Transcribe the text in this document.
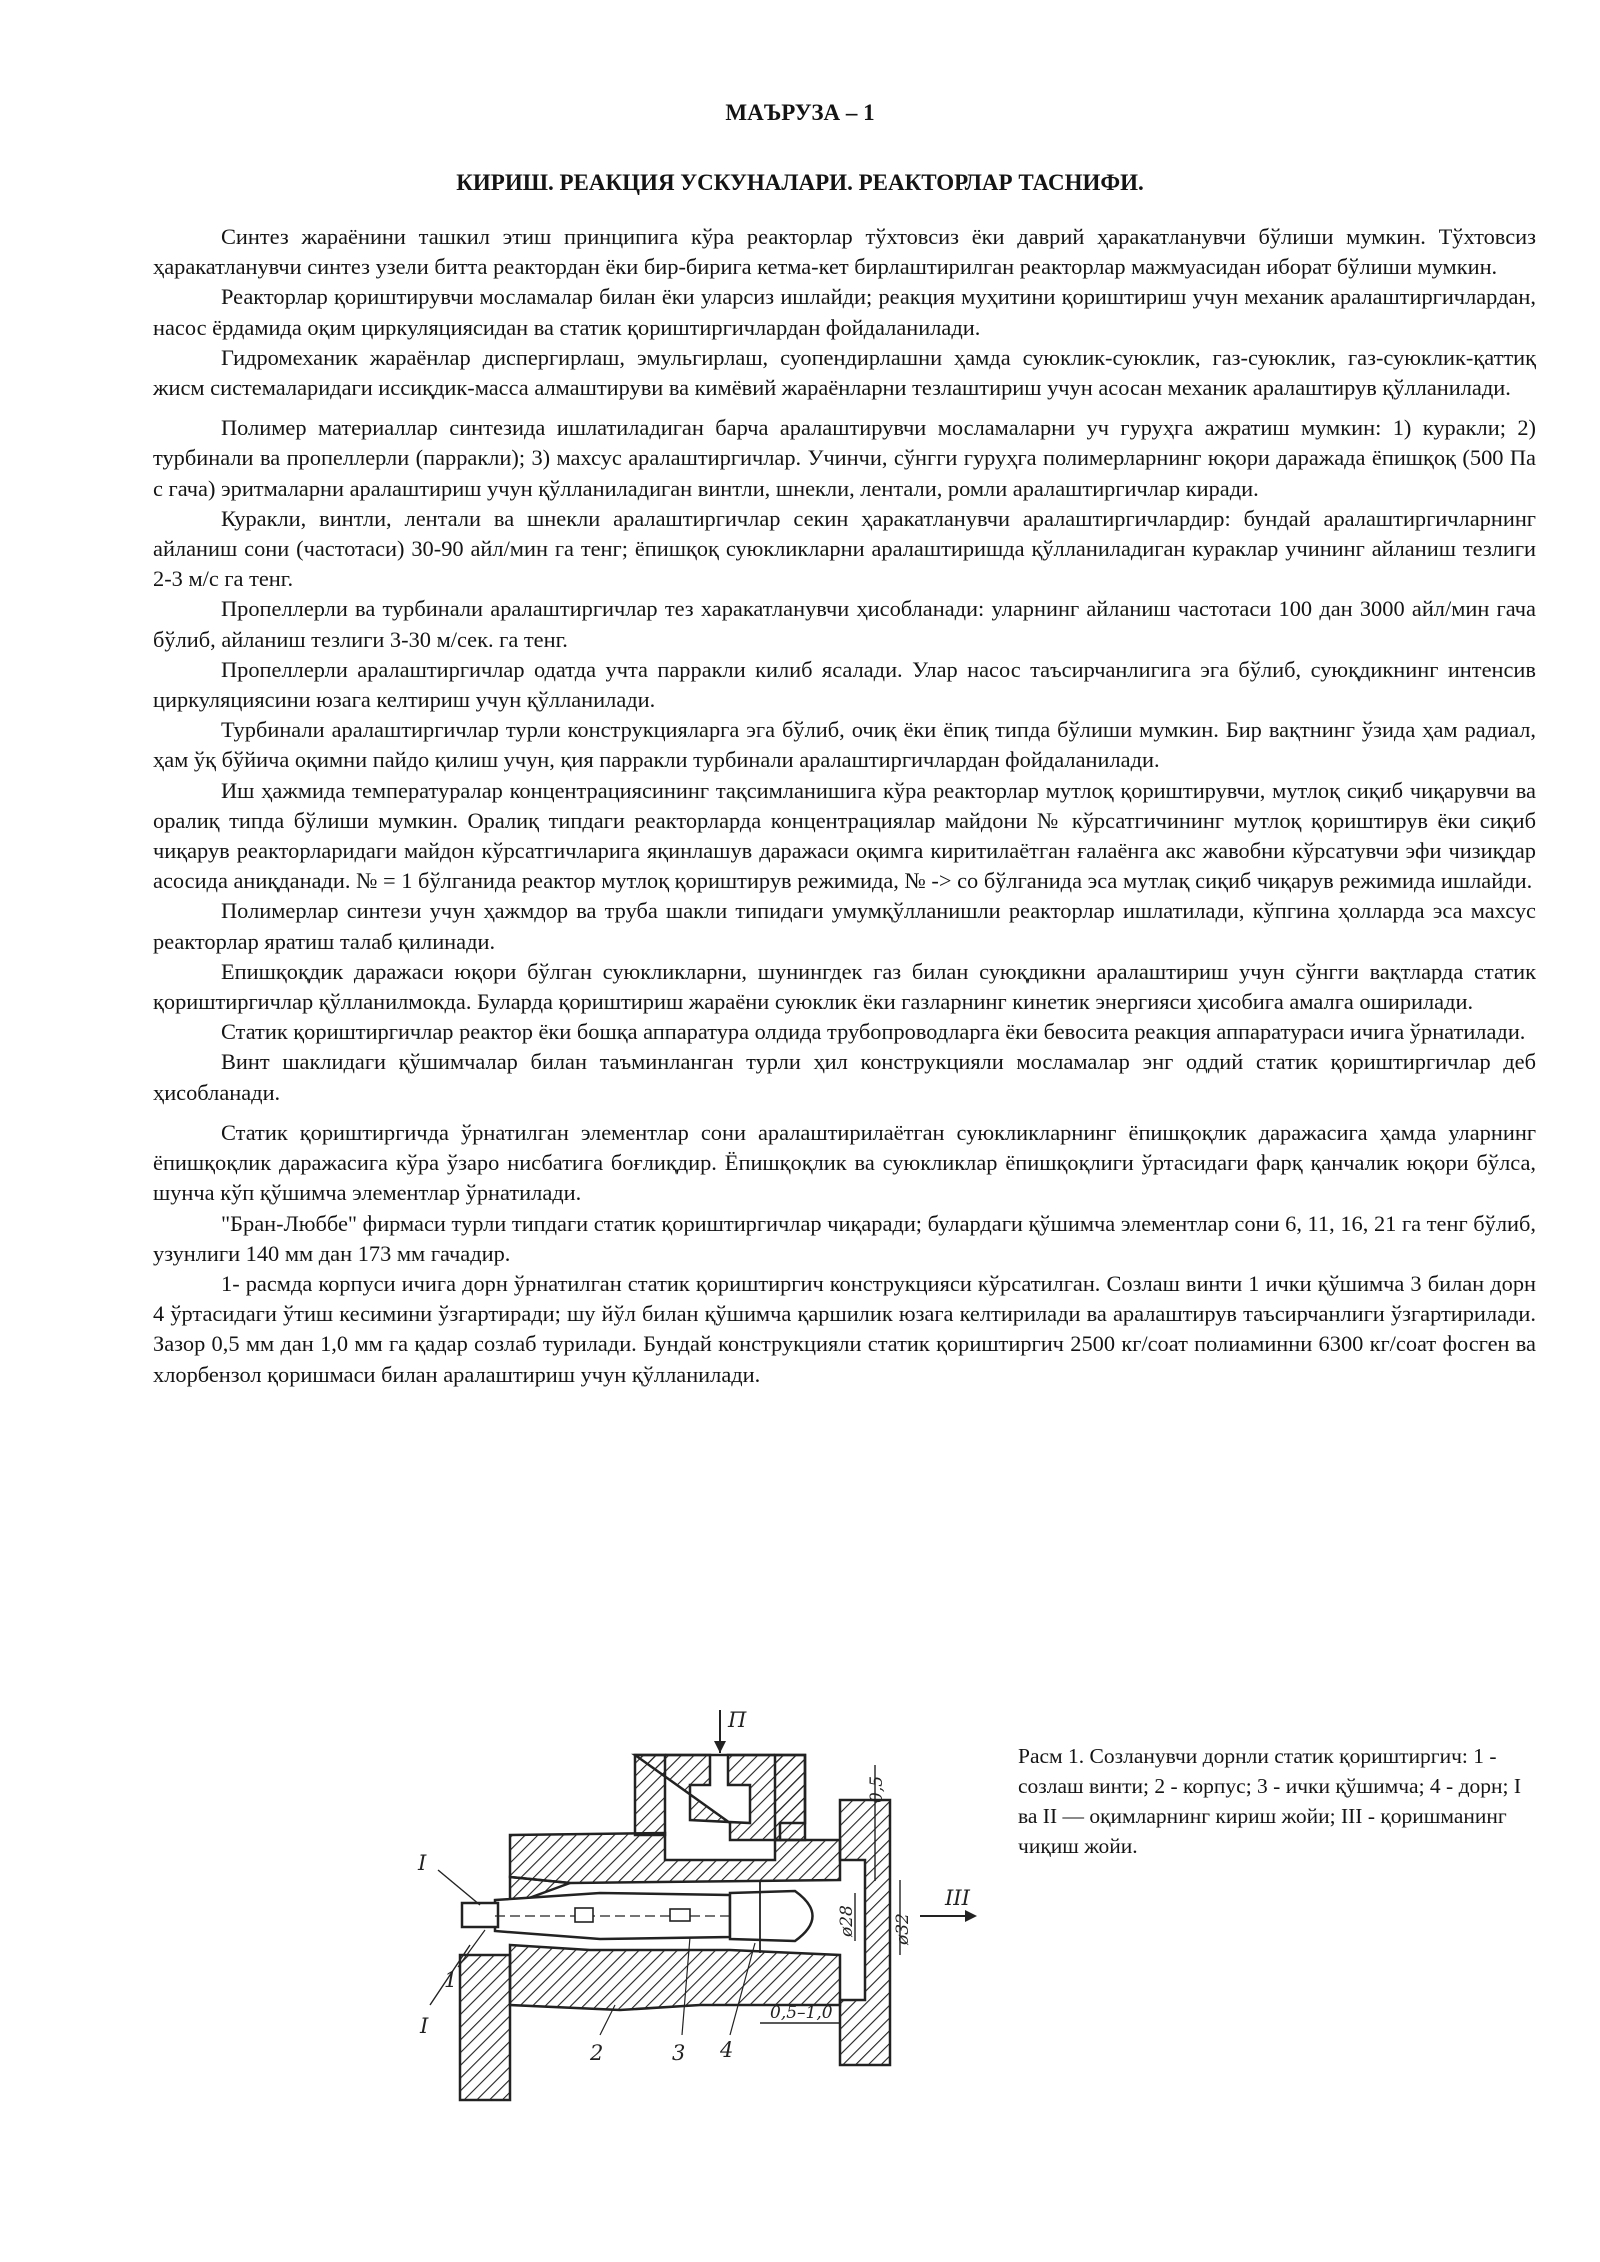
МАЪРУЗА – 1
КИРИШ. РЕАКЦИЯ УСКУНАЛАРИ. РЕАКТОРЛАР ТАСНИФИ.

Синтез жараёнини ташкил этиш принципига кўра реакторлар тўхтовсиз ёки даврий ҳаракатланувчи бўлиши мумкин. Тўхтовсиз ҳаракатланувчи синтез узели битта реактордан ёки бир-бирига кетма-кет бирлаштирилган реакторлар мажмуасидан иборат бўлиши мумкин.

Реакторлар қориштирувчи мосламалар билан ёки уларсиз ишлайди; реакция муҳитини қориштириш учун механик аралаштиргичлардан, насос ёрдамида оқим циркуляциясидан ва статик қориштиргичлардан фойдаланилади.

Гидромеханик жараёнлар диспергирлаш, эмульгирлаш, суопендирлашни ҳамда суюклик-суюклик, газ-суюклик, газ-суюклик-қаттиқ жисм системаларидаги иссиқдик-масса алмаштируви ва кимёвий жараёнларни тезлаштириш учун асосан механик аралаштирув қўлланилади.

Полимер материаллар синтезида ишлатиладиган барча аралаштирувчи мосламаларни уч гуруҳга ажратиш мумкин: 1) куракли; 2) турбинали ва пропеллерли (парракли); 3) махсус аралаштиргичлар. Учинчи, сўнгги гуруҳга полимерларнинг юқори даражада ёпишқоқ (500 Па с гача) эритмаларни аралаштириш учун қўлланиладиган винтли, шнекли, лентали, ромли аралаштиргичлар киради.

Куракли, винтли, лентали ва шнекли аралаштиргичлар секин ҳаракатланувчи аралаштиргичлардир: бундай аралаштиргичларнинг айланиш сони (частотаси) 30-90 айл/мин га тенг; ёпишқоқ суюкликларни аралаштиришда қўлланиладиган кураклар учининг айланиш тезлиги 2-3 м/с га тенг.

Пропеллерли ва турбинали аралаштиргичлар тез харакатланувчи ҳисобланади: уларнинг айланиш частотаси 100 дан 3000 айл/мин гача бўлиб, айланиш тезлиги 3-30 м/сек. га тенг.

Пропеллерли аралаштиргичлар одатда учта парракли килиб ясалади. Улар насос таъсирчанлигига эга бўлиб, суюқдикнинг интенсив циркуляциясини юзага келтириш учун қўлланилади.

Турбинали аралаштиргичлар турли конструкцияларга эга бўлиб, очиқ ёки ёпиқ типда бўлиши мумкин. Бир вақтнинг ўзида ҳам радиал, ҳам ўқ бўйича оқимни пайдо қилиш учун, қия парракли турбинали аралаштиргичлардан фойдаланилади.

Иш ҳажмида температуралар концентрациясининг тақсимланишига кўра реакторлар мутлоқ қориштирувчи, мутлоқ сиқиб чиқарувчи ва оралиқ типда бўлиши мумкин. Оралиқ типдаги реакторларда концентрациялар майдони № кўрсатгичининг мутлоқ қориштирув ёки сиқиб чиқарув реакторларидаги майдон кўрсатгичларига яқинлашув даражаси оқимга киритилаётган ғалаёнга акс жавобни кўрсатувчи эфи чизиқдар асосида аниқданади. № = 1 бўлганида реактор мутлоқ қориштирув режимида, № -> со бўлганида эса мутлақ сиқиб чиқарув режимида ишлайди.

Полимерлар синтези учун ҳажмдор ва труба шакли типидаги умумқўлланишли реакторлар ишлатилади, кўпгина ҳолларда эса махсус реакторлар яратиш талаб қилинади.

Епишқоқдик даражаси юқори бўлган суюкликларни, шунингдек газ билан суюқдикни аралаштириш учун сўнгги вақтларда статик қориштиргичлар қўлланилмокда. Буларда қориштириш жараёни суюклик ёки газларнинг кинетик энергияси ҳисобига амалга оширилади.

Статик қориштиргичлар реактор ёки бошқа аппаратура олдида трубопроводларга ёки бевосита реакция аппаратураси ичига ўрнатилади.

Винт шаклидаги қўшимчалар билан таъминланган турли ҳил конструкцияли мосламалар энг оддий статик қориштиргичлар деб ҳисобланади.

Статик қориштиргичда ўрнатилган элементлар сони аралаштирилаётган суюкликларнинг ёпишқоқлик даражасига ҳамда уларнинг ёпишқоқлик даражасига кўра ўзаро нисбатига боғлиқдир. Ёпишқоқлик ва суюкликлар ёпишқоқлиги ўртасидаги фарқ қанчалик юқори бўлса, шунча кўп қўшимча элементлар ўрнатилади.

"Бран-Люббе" фирмаси турли типдаги статик қориштиргичлар чиқаради; булардаги қўшимча элементлар сони 6, 11, 16, 21 га тенг бўлиб, узунлиги 140 мм дан 173 мм гачадир.

1- расмда корпуси ичига дорн ўрнатилган статик қориштиргич конструкцияси кўрсатилган. Созлаш винти 1 ички қўшимча 3 билан дорн 4 ўртасидаги ўтиш кесимини ўзгартиради; шу йўл билан қўшимча қаршилик юзага келтирилади ва аралаштирув таъсирчанлиги ўзгартирилади. Зазор 0,5 мм дан 1,0 мм га қадар созлаб турилади. Бундай конструкцияли статик қориштиргич 2500 кг/соат полиаминни 6300 кг/соат фосген ва хлорбензол қоришмаси билан аралаштириш учун қўлланилади.

П
III
0,5
ø28 ø32
0,5–1,0
I
I
1
2	3 4
Расм 1. Созланувчи дорнли статик қориштиргич: 1 - созлаш винти; 2 - корпус; 3 - ички қўшимча; 4 - дорн; I ва II — оқимларнинг кириш жойи; III - қоришманинг чиқиш жойи.
